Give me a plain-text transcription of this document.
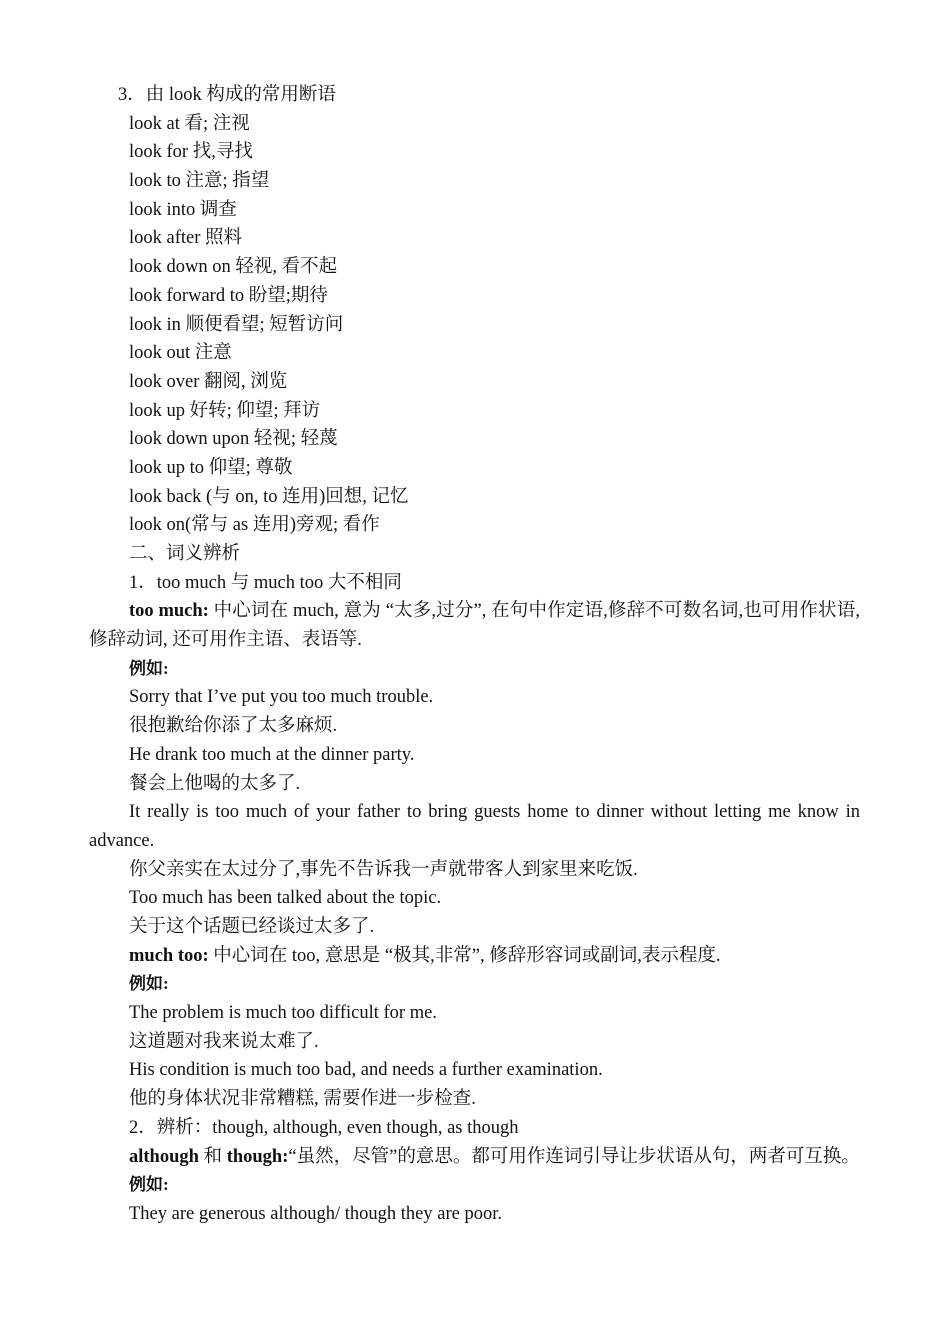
3．由 look 构成的常用断语
look at 看; 注视
look for 找,寻找
look to 注意; 指望
look into 调查
look after 照料
look down on 轻视, 看不起
look forward to 盼望;期待
look in 顺便看望; 短暂访问
look out 注意
look over 翻阅, 浏览
look up 好转; 仰望; 拜访
look down upon 轻视; 轻蔑
look up to 仰望; 尊敬
look back (与 on, to 连用)回想, 记忆
look on(常与 as 连用)旁观; 看作
二、词义辨析
1．too much 与 much too 大不相同
too much: 中心词在 much, 意为 “太多,过分”, 在句中作定语,修辞不可数名词,也可用作状语, 修辞动词, 还可用作主语、表语等.
例如:
Sorry that I’ve put you too much trouble.
很抱歉给你添了太多麻烦.
He drank too much at the dinner party.
餐会上他喝的太多了.
It really is too much of your father to bring guests home to dinner without letting me know in advance.
你父亲实在太过分了,事先不告诉我一声就带客人到家里来吃饭.
Too much has been talked about the topic.
关于这个话题已经谈过太多了.
much too: 中心词在 too, 意思是 “极其,非常”, 修辞形容词或副词,表示程度.
例如:
The problem is much too difficult for me.
这道题对我来说太难了.
His condition is much too bad, and needs a further examination.
他的身体状况非常糟糕, 需要作进一步检查.
2．辨析：though, although, even though, as though
although 和 though:“虽然，尽管”的意思。都可用作连词引导让步状语从句，两者可互换。
例如:
They are generous although/ though they are poor.
